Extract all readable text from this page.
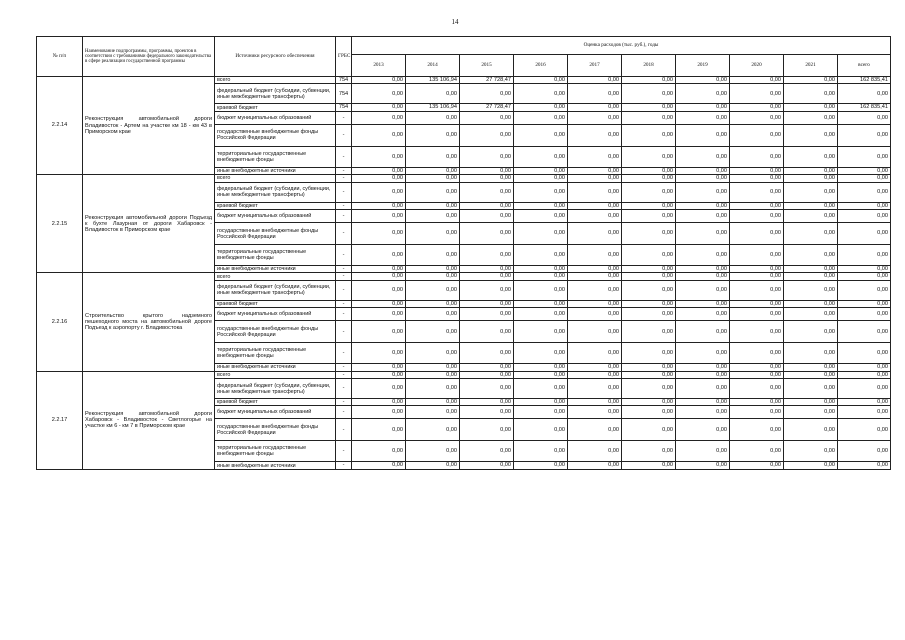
14
№ п/п	Наименование подпрограммы, программы, проектов в соответствии с требованиями федерального законодательства в сфере реализации государственной программы	Источники ресурсного обеспечения	ГРБС	Оценка расходов (тыс. руб.), годы									
				2013	2014	2015	2016	2017	2018	2019	2020	2021	всего
2.2.14	Реконструкция автомобильной дороги Владивосток - Артем на участке км 18 - км 43 в Приморском крае	всего	754	0,00	135 106,94	27 728,47	0,00	0,00	0,00	0,00	0,00	0,00	162 835,41
		федеральный бюджет (субсидии, субвенции, иные межбюджетные трансферты)	754	0,00	0,00	0,00	0,00	0,00	0,00	0,00	0,00	0,00	0,00
		краевой бюджет	754	0,00	135 106,94	27 728,47	0,00	0,00	0,00	0,00	0,00	0,00	162 835,41
		бюджет муниципальных образований	-	0,00	0,00	0,00	0,00	0,00	0,00	0,00	0,00	0,00	0,00
		государственные внебюджетные фонды Российской Федерации	-	0,00	0,00	0,00	0,00	0,00	0,00	0,00	0,00	0,00	0,00
		территориальные государственные внебюджетные фонды	-	0,00	0,00	0,00	0,00	0,00	0,00	0,00	0,00	0,00	0,00
		иные внебюджетные источники	-	0,00	0,00	0,00	0,00	0,00	0,00	0,00	0,00	0,00	0,00
2.2.15	Реконструкция автомобильной дороги Подъезд к бухте Лазурная от дороги Хабаровск - Владивосток в Приморском крае	всего	-	0,00	0,00	0,00	0,00	0,00	0,00	0,00	0,00	0,00	0,00
		федеральный бюджет (субсидии, субвенции, иные межбюджетные трансферты)	-	0,00	0,00	0,00	0,00	0,00	0,00	0,00	0,00	0,00	0,00
		краевой бюджет	-	0,00	0,00	0,00	0,00	0,00	0,00	0,00	0,00	0,00	0,00
		бюджет муниципальных образований	-	0,00	0,00	0,00	0,00	0,00	0,00	0,00	0,00	0,00	0,00
		государственные внебюджетные фонды Российской Федерации	-	0,00	0,00	0,00	0,00	0,00	0,00	0,00	0,00	0,00	0,00
		территориальные государственные внебюджетные фонды	-	0,00	0,00	0,00	0,00	0,00	0,00	0,00	0,00	0,00	0,00
		иные внебюджетные источники	-	0,00	0,00	0,00	0,00	0,00	0,00	0,00	0,00	0,00	0,00
2.2.16	Строительство крытого надземного пешеходного моста на автомобильной дороге Подъезд к аэропорту г. Владивостока	всего	-	0,00	0,00	0,00	0,00	0,00	0,00	0,00	0,00	0,00	0,00
		федеральный бюджет (субсидии, субвенции, иные межбюджетные трансферты)	-	0,00	0,00	0,00	0,00	0,00	0,00	0,00	0,00	0,00	0,00
		краевой бюджет	-	0,00	0,00	0,00	0,00	0,00	0,00	0,00	0,00	0,00	0,00
		бюджет муниципальных образований	-	0,00	0,00	0,00	0,00	0,00	0,00	0,00	0,00	0,00	0,00
		государственные внебюджетные фонды Российской Федерации	-	0,00	0,00	0,00	0,00	0,00	0,00	0,00	0,00	0,00	0,00
		территориальные государственные внебюджетные фонды	-	0,00	0,00	0,00	0,00	0,00	0,00	0,00	0,00	0,00	0,00
		иные внебюджетные источники	-	0,00	0,00	0,00	0,00	0,00	0,00	0,00	0,00	0,00	0,00
2.2.17	Реконструкция автомобильной дороги Хабаровск - Владивосток - Светлогорье на участке км 6 - км 7 в Приморском крае	всего	-	0,00	0,00	0,00	0,00	0,00	0,00	0,00	0,00	0,00	0,00
		федеральный бюджет (субсидии, субвенции, иные межбюджетные трансферты)	-	0,00	0,00	0,00	0,00	0,00	0,00	0,00	0,00	0,00	0,00
		краевой бюджет	-	0,00	0,00	0,00	0,00	0,00	0,00	0,00	0,00	0,00	0,00
		бюджет муниципальных образований	-	0,00	0,00	0,00	0,00	0,00	0,00	0,00	0,00	0,00	0,00
		государственные внебюджетные фонды Российской Федерации	-	0,00	0,00	0,00	0,00	0,00	0,00	0,00	0,00	0,00	0,00
		территориальные государственные внебюджетные фонды	-	0,00	0,00	0,00	0,00	0,00	0,00	0,00	0,00	0,00	0,00
		иные внебюджетные источники	-	0,00	0,00	0,00	0,00	0,00	0,00	0,00	0,00	0,00	0,00
